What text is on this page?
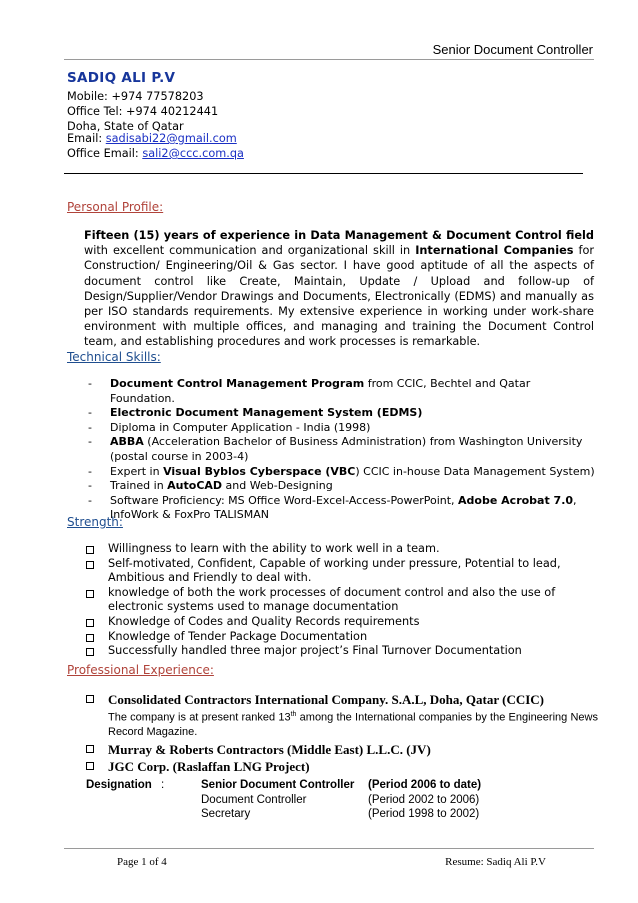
Senior Document Controller
SADIQ ALI P.V
Mobile: +974 77578203
Office Tel: +974 40212441
Doha, State of Qatar
Email: sadisabi22@gmail.com
Office Email: sali2@ccc.com.qa
Personal Profile:
Fifteen (15) years of experience in Data Management & Document Control field with excellent communication and organizational skill in International Companies for Construction/ Engineering/Oil & Gas sector. I have good aptitude of all the aspects of document control like Create, Maintain, Update / Upload and follow-up of Design/Supplier/Vendor Drawings and Documents, Electronically (EDMS) and manually as per ISO standards requirements. My extensive experience in working under work-share environment with multiple offices, and managing and training the Document Control team, and establishing procedures and work processes is remarkable.
Technical Skills:
-	Document Control Management Program from CCIC, Bechtel and Qatar Foundation.
-	Electronic Document Management System (EDMS)
-	Diploma in Computer Application - India (1998)
-	ABBA (Acceleration Bachelor of Business Administration) from Washington University (postal course in 2003-4)
-	Expert in Visual Byblos Cyberspace (VBC) CCIC in-house Data Management System)
-	Trained in AutoCAD and Web-Designing
-	Software Proficiency: MS Office Word-Excel-Access-PowerPoint, Adobe Acrobat 7.0, InfoWork & FoxPro TALISMAN
Strength:
Willingness to learn with the ability to work well in a team.
Self-motivated, Confident, Capable of working under pressure, Potential to lead, Ambitious and Friendly to deal with.
knowledge of both the work processes of document control and also the use of electronic systems used to manage documentation
Knowledge of Codes and Quality Records requirements
Knowledge of Tender Package Documentation
Successfully handled three major project’s Final Turnover Documentation
Professional Experience:
Consolidated Contractors International Company. S.A.L, Doha, Qatar (CCIC)
The company is at present ranked 13th among the International companies by the Engineering News Record Magazine.
Murray & Roberts Contractors (Middle East) L.L.C. (JV)
JGC Corp. (Raslaffan LNG Project)
Designation :	Senior Document Controller	(Period 2006 to date)
Document Controller	(Period 2002 to 2006)
Secretary	(Period 1998 to 2002)
Page 1 of 4	Resume: Sadiq Ali P.V
